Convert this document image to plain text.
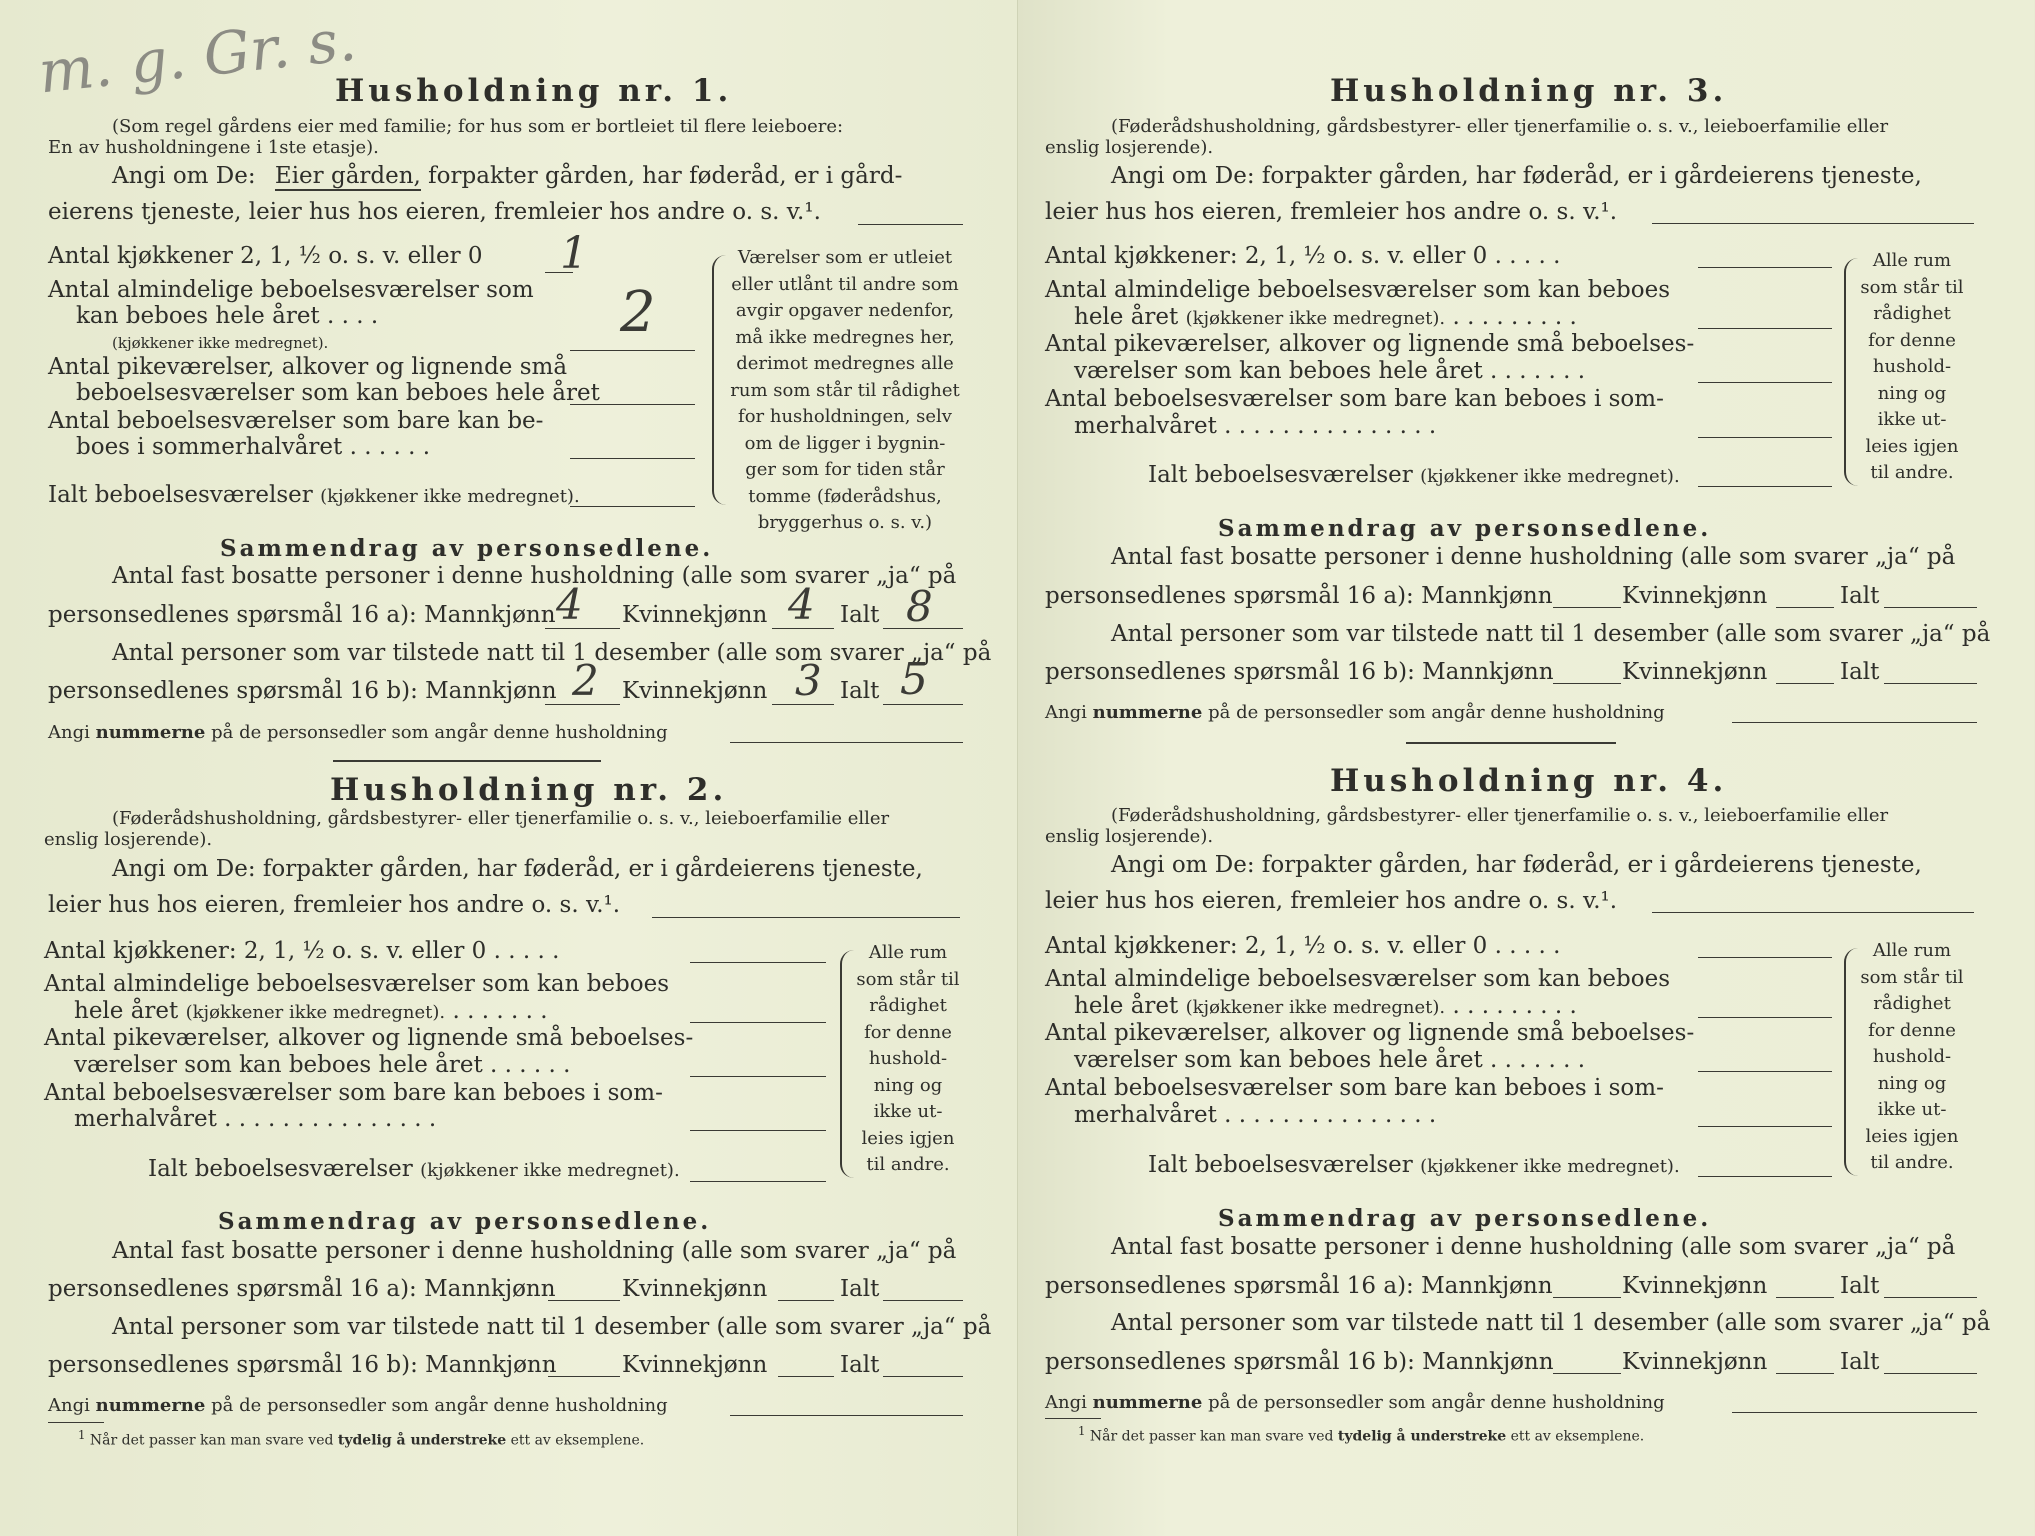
m. g. Gr. s.
Husholdning nr. 1.
(Som regel gårdens eier med familie; for hus som er bortleiet til flere leieboere:
En av husholdningene i 1ste etasje).
Angi om De: Eier gården, forpakter gården, har føderåd, er i gård-
eierens tjeneste, leier hus hos eieren, fremleier hos andre o. s. v.¹.
Antal kjøkkener 2, 1, ½ o. s. v. eller 0 1
Antal almindelige beboelsesværelser som
kan beboes hele året . . . .
(kjøkkener ikke medregnet).	2
Antal pikeværelser, alkover og lignende små
beboelsesværelser som kan beboes hele året
Antal beboelsesværelser som bare kan be-
boes i sommerhalvåret . . . . . .
Ialt beboelsesværelser (kjøkkener ikke medregnet).
Værelser som er utleiet
eller utlånt til andre som
avgir opgaver nedenfor,
må ikke medregnes her,
derimot medregnes alle
rum som står til rådighet
for husholdningen, selv
om de ligger i bygnin-
ger som for tiden står
tomme (føderådshus,
bryggerhus o. s. v.)
Sammendrag av personsedlene.
Antal fast bosatte personer i denne husholdning (alle som svarer „ja“ på
personsedlenes spørsmål 16 a): Mannkjønn 4 Kvinnekjønn 4 Ialt 8
Antal personer som var tilstede natt til 1 desember (alle som svarer „ja“ på
personsedlenes spørsmål 16 b): Mannkjønn 2 Kvinnekjønn 3 Ialt 5
Angi nummerne på de personsedler som angår denne husholdning
Husholdning nr. 2.
(Føderådshusholdning, gårdsbestyrer- eller tjenerfamilie o. s. v., leieboerfamilie eller
enslig losjerende).
Angi om De: forpakter gården, har føderåd, er i gårdeierens tjeneste,
leier hus hos eieren, fremleier hos andre o. s. v.¹.
Antal kjøkkener: 2, 1, ½ o. s. v. eller 0 . . . . .
Antal almindelige beboelsesværelser som kan beboes
hele året (kjøkkener ikke medregnet). . . . . . . .
Antal pikeværelser, alkover og lignende små beboelses-
værelser som kan beboes hele året . . . . . .
Antal beboelsesværelser som bare kan beboes i som-
merhalvåret . . . . . . . . . . . . . . .
Ialt beboelsesværelser (kjøkkener ikke medregnet).
Alle rum
som står til
rådighet
for denne
hushold-
ning og
ikke ut-
leies igjen
til andre.
Sammendrag av personsedlene.
Antal fast bosatte personer i denne husholdning (alle som svarer „ja“ på
personsedlenes spørsmål 16 a): Mannkjønn	Kvinnekjønn	Ialt
Antal personer som var tilstede natt til 1 desember (alle som svarer „ja“ på
personsedlenes spørsmål 16 b): Mannkjønn	Kvinnekjønn	Ialt
Angi nummerne på de personsedler som angår denne husholdning
$^1$ Når det passer kan man svare ved tydelig å understreke ett av eksemplene.
Husholdning nr. 3.
(Føderådshusholdning, gårdsbestyrer- eller tjenerfamilie o. s. v., leieboerfamilie eller
enslig losjerende).
Angi om De: forpakter gården, har føderåd, er i gårdeierens tjeneste,
leier hus hos eieren, fremleier hos andre o. s. v.¹.
Antal kjøkkener: 2, 1, ½ o. s. v. eller 0 . . . . .
Antal almindelige beboelsesværelser som kan beboes
hele året (kjøkkener ikke medregnet). . . . . . . . . .
Antal pikeværelser, alkover og lignende små beboelses-
værelser som kan beboes hele året . . . . . . .
Antal beboelsesværelser som bare kan beboes i som-
merhalvåret . . . . . . . . . . . . . . .
Ialt beboelsesværelser (kjøkkener ikke medregnet).
Alle rum
som står til
rådighet
for denne
hushold-
ning og
ikke ut-
leies igjen
til andre.
Sammendrag av personsedlene.
Antal fast bosatte personer i denne husholdning (alle som svarer „ja“ på
personsedlenes spørsmål 16 a): Mannkjønn	Kvinnekjønn	Ialt
Antal personer som var tilstede natt til 1 desember (alle som svarer „ja“ på
personsedlenes spørsmål 16 b): Mannkjønn	Kvinnekjønn	Ialt
Angi nummerne på de personsedler som angår denne husholdning
Husholdning nr. 4.
(Føderådshusholdning, gårdsbestyrer- eller tjenerfamilie o. s. v., leieboerfamilie eller
enslig losjerende).
Angi om De: forpakter gården, har føderåd, er i gårdeierens tjeneste,
leier hus hos eieren, fremleier hos andre o. s. v.¹.
Antal kjøkkener: 2, 1, ½ o. s. v. eller 0 . . . . .
Antal almindelige beboelsesværelser som kan beboes
hele året (kjøkkener ikke medregnet). . . . . . . . . .
Antal pikeværelser, alkover og lignende små beboelses-
værelser som kan beboes hele året . . . . . . .
Antal beboelsesværelser som bare kan beboes i som-
merhalvåret . . . . . . . . . . . . . . .
Ialt beboelsesværelser (kjøkkener ikke medregnet).
Alle rum
som står til
rådighet
for denne
hushold-
ning og
ikke ut-
leies igjen
til andre.
Sammendrag av personsedlene.
Antal fast bosatte personer i denne husholdning (alle som svarer „ja“ på
personsedlenes spørsmål 16 a): Mannkjønn	Kvinnekjønn	Ialt
Antal personer som var tilstede natt til 1 desember (alle som svarer „ja“ på
personsedlenes spørsmål 16 b): Mannkjønn	Kvinnekjønn	Ialt
Angi nummerne på de personsedler som angår denne husholdning
$^1$ Når det passer kan man svare ved tydelig å understreke ett av eksemplene.
